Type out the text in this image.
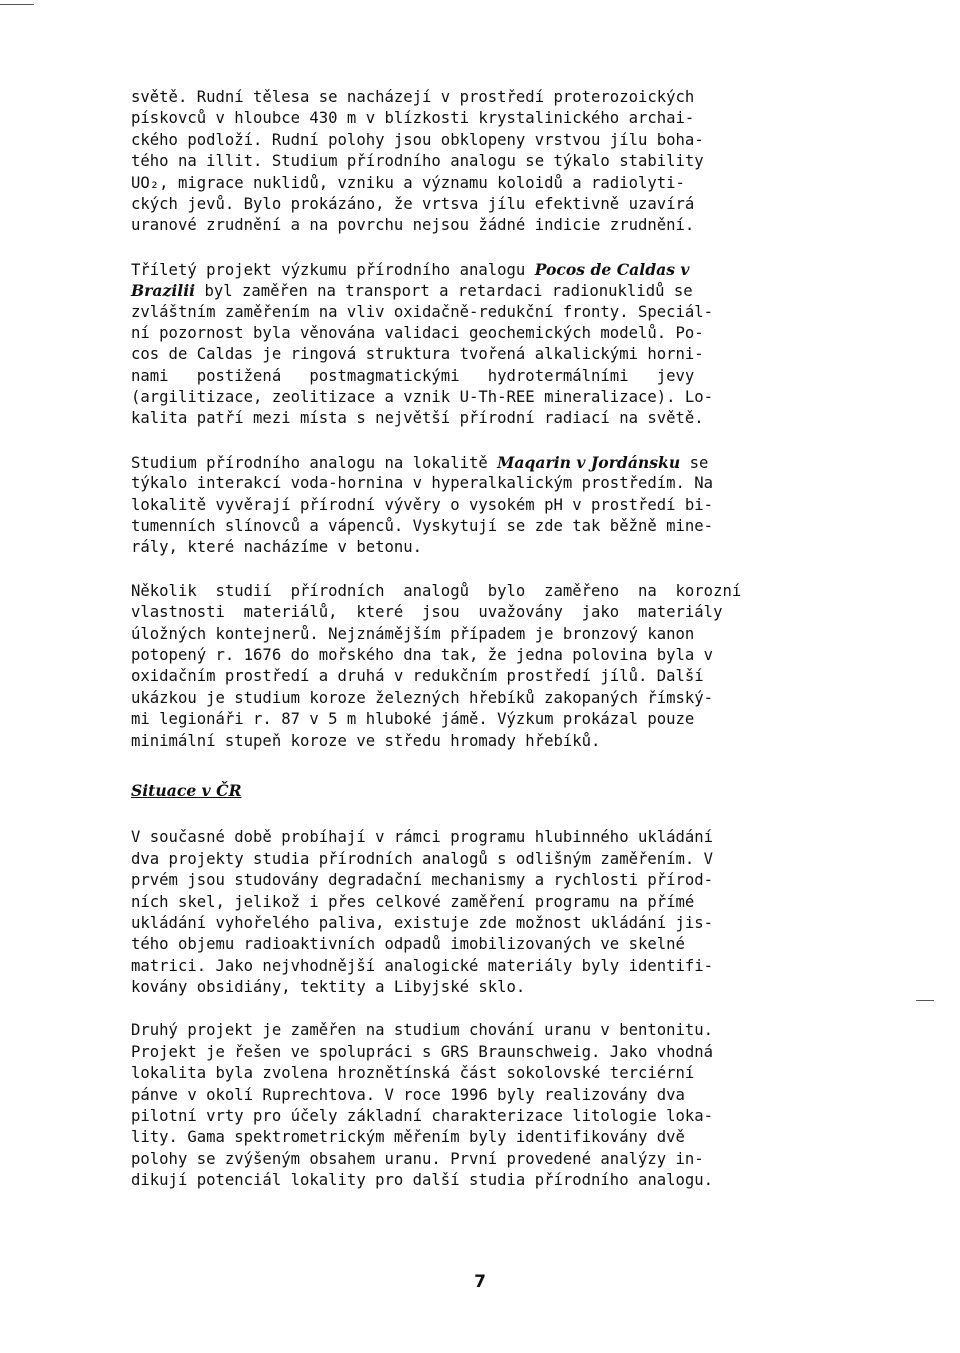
světě. Rudní tělesa se nacházejí v prostředí proterozoických
pískovců v hloubce 430 m v blízkosti krystalinického archai-
ckého podloží. Rudní polohy jsou obklopeny vrstvou jílu boha-
tého na illit. Studium přírodního analogu se týkalo stability
UO₂, migrace nuklidů, vzniku a významu koloidů a radiolyti-
ckých jevů. Bylo prokázáno, že vrtsva jílu efektivně uzavírá
uranové zrudnění a na povrchu nejsou žádné indicie zrudnění.
Tříletý projekt výzkumu přírodního analogu Pocos de Caldas v
Brazilii byl zaměřen na transport a retardaci radionuklidů se
zvláštním zaměřením na vliv oxidačně-redukční fronty. Speciál-
ní pozornost byla věnována validaci geochemických modelů. Po-
cos de Caldas je ringová struktura tvořená alkalickými horni-
nami   postižená   postmagmatickými   hydrotermálními   jevy
(argilitizace, zeolitizace a vznik U-Th-REE mineralizace). Lo-
kalita patří mezi místa s největší přírodní radiací na světě.
Studium přírodního analogu na lokalitě Maqarin v Jordánsku se
týkalo interakcí voda-hornina v hyperalkalickým prostředím. Na
lokalitě vyvěrají přírodní vývěry o vysokém pH v prostředí bi-
tumenních slínovců a vápenců. Vyskytují se zde tak běžně mine-
rály, které nacházíme v betonu.
Několik  studií  přírodních  analogů  bylo  zaměřeno  na  korozní
vlastnosti  materiálů,  které  jsou  uvažovány  jako  materiály
úložných kontejnerů. Nejznámějším případem je bronzový kanon
potopený r. 1676 do mořského dna tak, že jedna polovina byla v
oxidačním prostředí a druhá v redukčním prostředí jílů. Další
ukázkou je studium koroze železných hřebíků zakopaných římský-
mi legionáři r. 87 v 5 m hluboké jámě. Výzkum prokázal pouze
minimální stupeň koroze ve středu hromady hřebíků.
Situace v ČR
V současné době probíhají v rámci programu hlubinného ukládání
dva projekty studia přírodních analogů s odlišným zaměřením. V
prvém jsou studovány degradační mechanismy a rychlosti přírod-
ních skel, jelikož i přes celkové zaměření programu na přímé
ukládání vyhořelého paliva, existuje zde možnost ukládání jis-
tého objemu radioaktivních odpadů imobilizovaných ve skelné
matrici. Jako nejvhodnější analogické materiály byly identifi-
kovány obsidiány, tektity a Libyjské sklo.
Druhý projekt je zaměřen na studium chování uranu v bentonitu.
Projekt je řešen ve spolupráci s GRS Braunschweig. Jako vhodná
lokalita byla zvolena hroznětínská část sokolovské terciérní
pánve v okolí Ruprechtova. V roce 1996 byly realizovány dva
pilotní vrty pro účely základní charakterizace litologie loka-
lity. Gama spektrometrickým měřením byly identifikovány dvě
polohy se zvýšeným obsahem uranu. První provedené analýzy in-
dikují potenciál lokality pro další studia přírodního analogu.
7
